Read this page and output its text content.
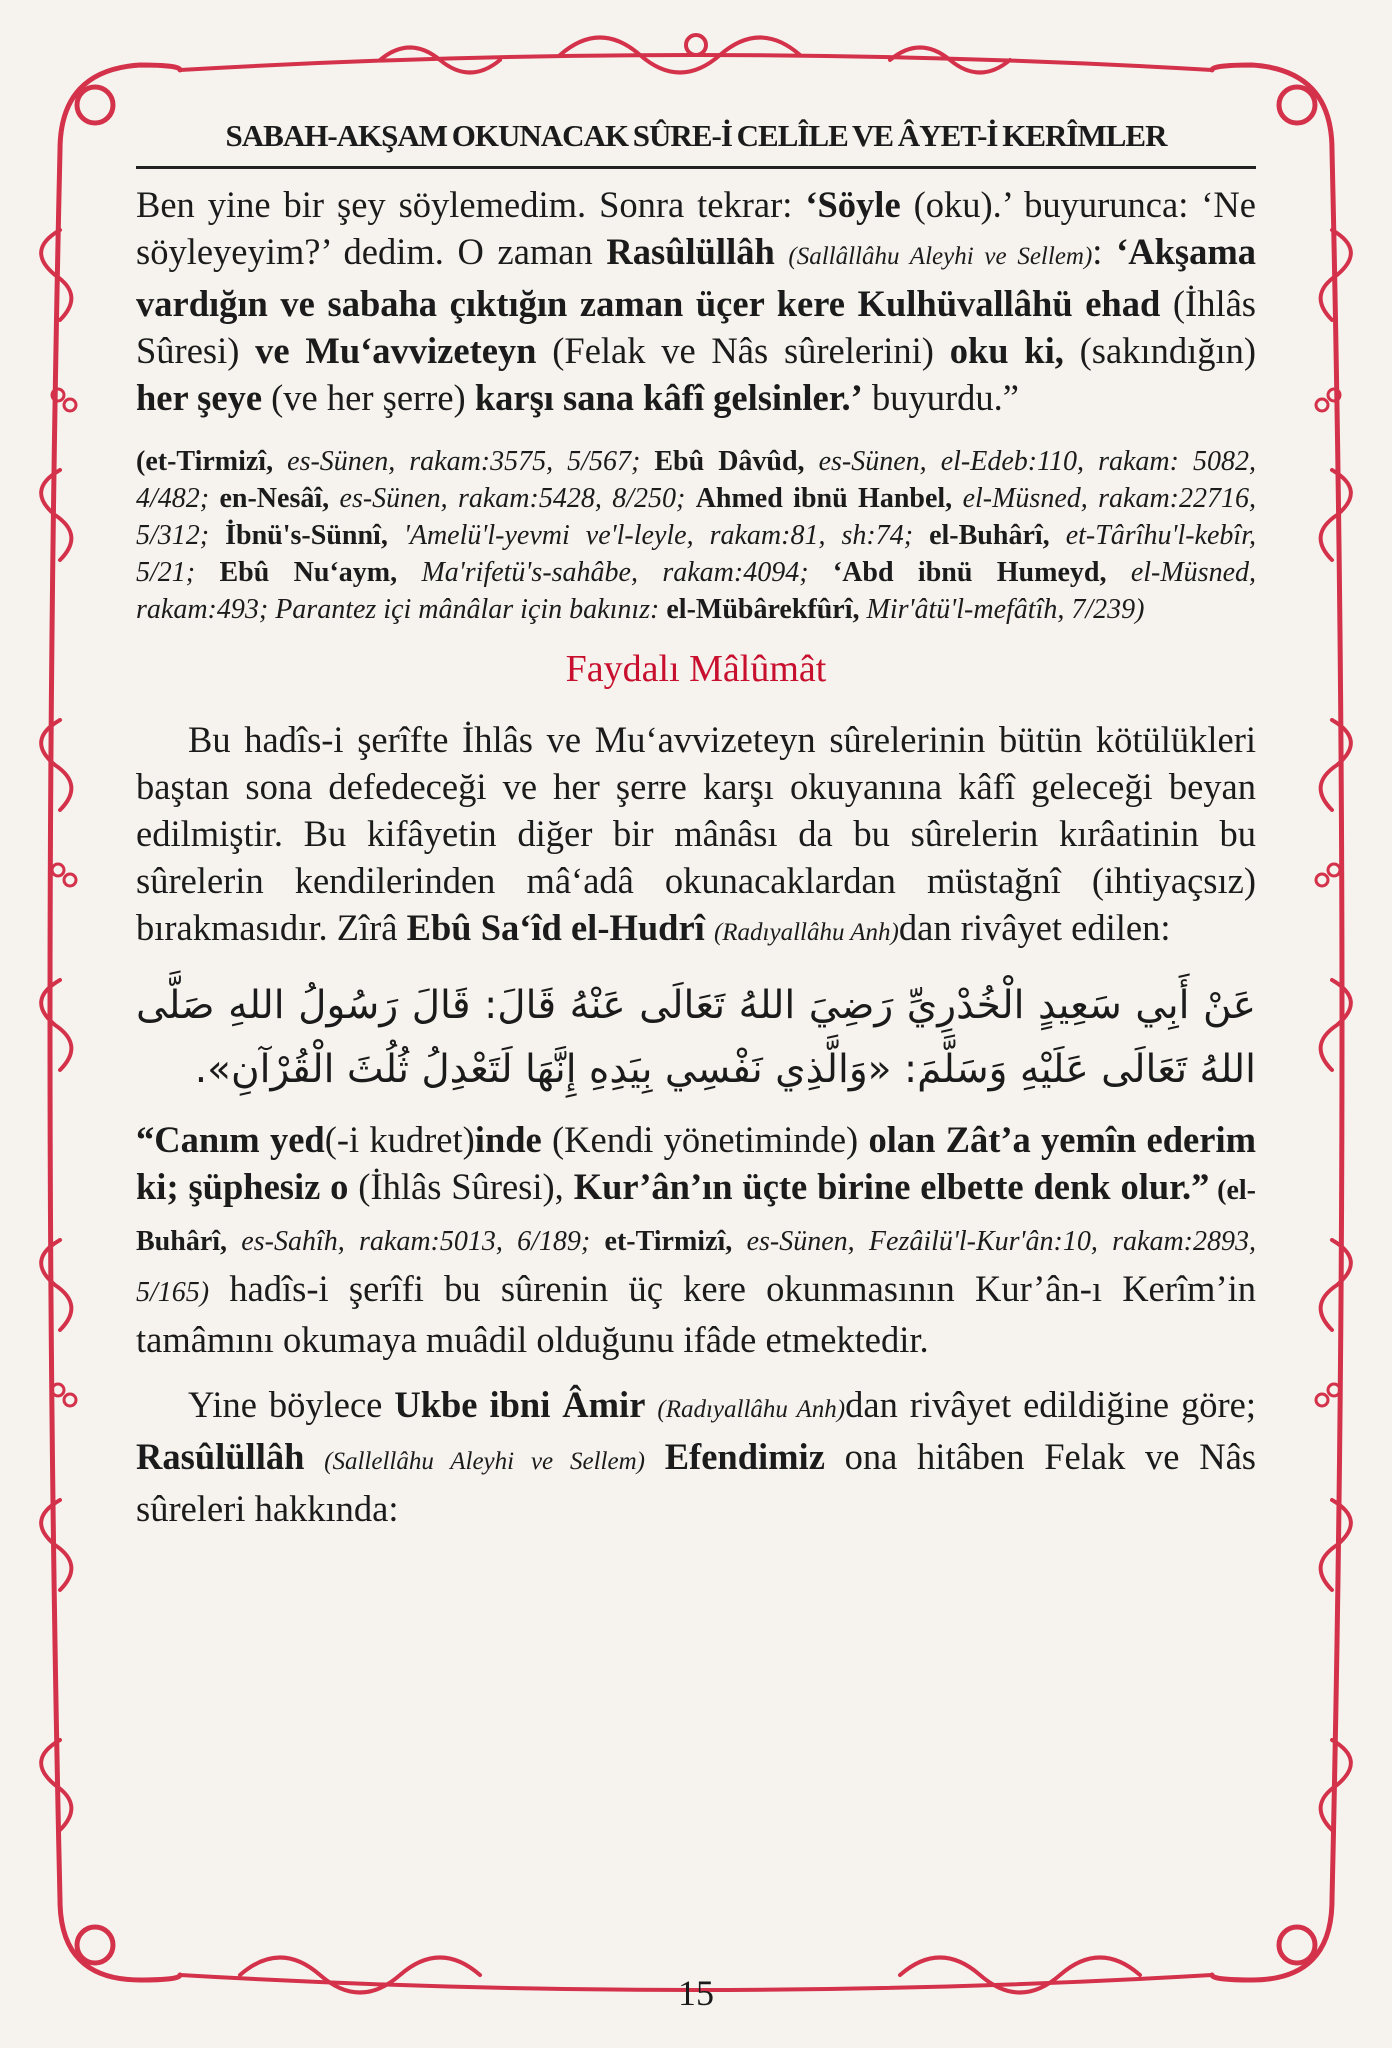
SABAH-AKŞAM OKUNACAK SÛRE-İ CELÎLE VE ÂYET-İ KERÎMLER

Ben yine bir şey söylemedim. Sonra tekrar: ‘Söyle (oku).’ buyurunca: ‘Ne söyleyeyim?’ dedim. O zaman Rasûlüllâh (Sallâllâhu Aleyhi ve Sellem): ‘Akşama vardığın ve sabaha çıktığın zaman üçer kere Kulhüvallâhü ehad (İhlâs Sûresi) ve Mu‘avvizeteyn (Felak ve Nâs sûrelerini) oku ki, (sakındığın) her şeye (ve her şerre) karşı sana kâfî gelsinler.’ buyurdu.”

(et-Tirmizî, es-Sünen, rakam:3575, 5/567; Ebû Dâvûd, es-Sünen, el-Edeb:110, rakam: 5082, 4/482; en-Nesâî, es-Sünen, rakam:5428, 8/250; Ahmed ibnü Hanbel, el-Müsned, rakam:22716, 5/312; İbnü's-Sünnî, 'Amelü'l-yevmi ve'l-leyle, rakam:81, sh:74; el-Buhârî, et-Târîhu'l-kebîr, 5/21; Ebû Nu‘aym, Ma'rifetü's-sahâbe, rakam:4094; ‘Abd ibnü Humeyd, el-Müsned, rakam:493; Parantez içi mânâlar için bakınız: el-Mübârekfûrî, Mir'âtü'l-mefâtîh, 7/239)

Faydalı Mâlûmât

Bu hadîs-i şerîfte İhlâs ve Mu‘avvizeteyn sûrelerinin bütün kötülükleri baştan sona defedeceği ve her şerre karşı okuyanına kâfî geleceği beyan edilmiştir. Bu kifâyetin diğer bir mânâsı da bu sûrelerin kırâatinin bu sûrelerin kendilerinden mâ‘adâ okunacaklardan müstağnî (ihtiyaçsız) bırakmasıdır. Zîrâ Ebû Sa‘îd el-Hudrî (Radıyallâhu Anh)dan rivâyet edilen:

عَنْ أَبِي سَعِيدٍ الْخُدْرِيِّ رَضِيَ اللهُ تَعَالَى عَنْهُ قَالَ: قَالَ رَسُولُ اللهِ صَلَّى اللهُ تَعَالَى عَلَيْهِ وَسَلَّمَ: «وَالَّذِي نَفْسِي بِيَدِهِ إِنَّهَا لَتَعْدِلُ ثُلُثَ الْقُرْآنِ».

“Canım yed(-i kudret)inde (Kendi yönetiminde) olan Zât’a yemîn ederim ki; şüphesiz o (İhlâs Sûresi), Kur’ân’ın üçte birine elbette denk olur.” (el-Buhârî, es-Sahîh, rakam:5013, 6/189; et-Tirmizî, es-Sünen, Fezâilü'l-Kur'ân:10, rakam:2893, 5/165) hadîs-i şerîfi bu sûrenin üç kere okunmasının Kur’ân-ı Kerîm’in tamâmını okumaya muâdil olduğunu ifâde etmektedir.

Yine böylece Ukbe ibni Âmir (Radıyallâhu Anh)dan rivâyet edildiğine göre; Rasûlüllâh (Sallellâhu Aleyhi ve Sellem) Efendimiz ona hitâben Felak ve Nâs sûreleri hakkında:

15
